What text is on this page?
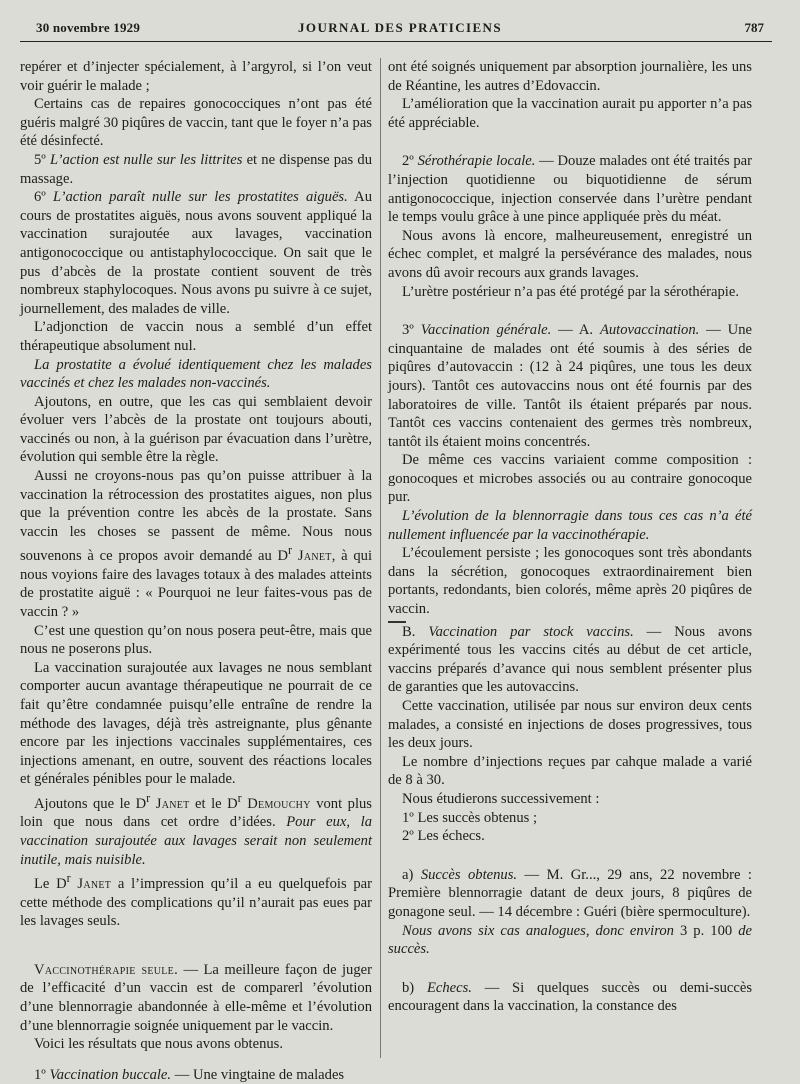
30 novembre 1929	JOURNAL DES PRATICIENS	787

repérer et d’injecter spécialement, à l’argyrol, si l’on veut voir guérir le malade ;

Certains cas de repaires gonococciques n’ont pas été guéris malgré 30 piqûres de vaccin, tant que le foyer n’a pas été désinfecté.

5º L’action est nulle sur les littrites et ne dispense pas du massage.

6º L’action paraît nulle sur les prostatites aiguës. Au cours de prostatites aiguës, nous avons souvent appliqué la vaccination surajoutée aux lavages, vaccination antigonococcique ou antistaphylococcique. On sait que le pus d’abcès de la prostate contient souvent de très nombreux staphylocoques. Nous avons pu suivre à ce sujet, journellement, des malades de ville.

L’adjonction de vaccin nous a semblé d’un effet thérapeutique absolument nul.

La prostatite a évolué identiquement chez les malades vaccinés et chez les malades non-vaccinés.

Ajoutons, en outre, que les cas qui semblaient devoir évoluer vers l’abcès de la prostate ont toujours abouti, vaccinés ou non, à la guérison par évacuation dans l’urètre, évolution qui semble être la règle.

Aussi ne croyons-nous pas qu’on puisse attribuer à la vaccination la rétrocession des prostatites aigues, non plus que la prévention contre les abcès de la prostate. Sans vaccin les choses se passent de même. Nous nous souvenons à ce propos avoir demandé au $D^r$ Janet, à qui nous voyions faire des lavages totaux à des malades atteints de prostatite aiguë : « Pourquoi ne leur faites-vous pas de vaccin ? »

C’est une question qu’on nous posera peut-être, mais que nous ne poserons plus.

La vaccination surajoutée aux lavages ne nous semblant comporter aucun avantage thérapeutique ne pourrait de ce fait qu’être condamnée puisqu’elle entraîne de rendre la méthode des lavages, déjà très astreignante, plus gênante encore par les injections vaccinales supplémentaires, ces injections amenant, en outre, souvent des réactions locales et générales pénibles pour le malade.

Ajoutons que le $D^r$ Janet et le $D^r$ Demouchy vont plus loin que nous dans cet ordre d’idées. Pour eux, la vaccination surajoutée aux lavages serait non seulement inutile, mais nuisible.

Le $D^r$ Janet a l’impression qu’il a eu quelquefois par cette méthode des complications qu’il n’aurait pas eues par les lavages seuls.

Vaccinothérapie seule. — La meilleure façon de juger de l’efficacité d’un vaccin est de comparerl ’évolution d’une blennorragie abandonnée à elle-même et l’évolution d’une blennorragie soignée uniquement par le vaccin.

Voici les résultats que nous avons obtenus.

1º Vaccination buccale. — Une vingtaine de malades

ont été soignés uniquement par absorption journalière, les uns de Réantine, les autres d’Edovaccin.

L’amélioration que la vaccination aurait pu apporter n’a pas été appréciable.

2º Sérothérapie locale. — Douze malades ont été traités par l’injection quotidienne ou biquotidienne de sérum antigonococcique, injection conservée dans l’urètre pendant le temps voulu grâce à une pince appliquée près du méat.

Nous avons là encore, malheureusement, enregistré un échec complet, et malgré la persévérance des malades, nous avons dû avoir recours aux grands lavages.

L’urètre postérieur n’a pas été protégé par la sérothérapie.

3º Vaccination générale. — A. Autovaccination. — Une cinquantaine de malades ont été soumis à des séries de piqûres d’autovaccin : (12 à 24 piqûres, une tous les deux jours). Tantôt ces autovaccins nous ont été fournis par des laboratoires de ville. Tantôt ils étaient préparés par nous. Tantôt ces vaccins contenaient des germes très nombreux, tantôt ils étaient moins concentrés.

De même ces vaccins variaient comme composition : gonocoques et microbes associés ou au contraire gonocoque pur.

L’évolution de la blennorragie dans tous ces cas n’a été nullement influencée par la vaccinothérapie.

L’écoulement persiste ; les gonocoques sont très abondants dans la sécrétion, gonocoques extraordinairement bien portants, redondants, bien colorés, même après 20 piqûres de vaccin.

B. Vaccination par stock vaccins. — Nous avons expérimenté tous les vaccins cités au début de cet article, vaccins préparés d’avance qui nous semblent présenter plus de garanties que les autovaccins.

Cette vaccination, utilisée par nous sur environ deux cents malades, a consisté en injections de doses progressives, tous les deux jours.

Le nombre d’injections reçues par cahque malade a varié de 8 à 30.

Nous étudierons successivement :

1º Les succès obtenus ;

2º Les échecs.

a) Succès obtenus. — M. Gr..., 29 ans, 22 novembre : Première blennorragie datant de deux jours, 8 piqûres de gonagone seul. — 14 décembre : Guéri (bière spermoculture).

Nous avons six cas analogues, donc environ 3 p. 100 de succès.

b) Echecs. — Si quelques succès ou demi-succès encouragent dans la vaccination, la constance des
